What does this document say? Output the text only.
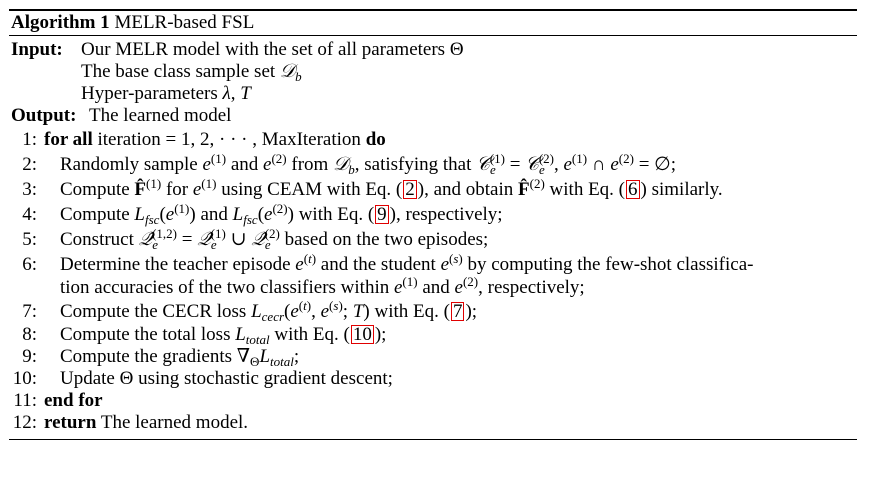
Algorithm 1 MELR-based FSL
Input: Our MELR model with the set of all parameters Θ
The base class sample set 𝒟$_b$
Hyper-parameters λ, T
Output: The learned model
1: for all iteration = 1, 2, · · · , MaxIteration do
2:	Randomly sample $e^{(1)}$ and $e^{(2)}$ from 𝒟$_b$, satisfying that 𝒞$_e^{(1)}$ = 𝒞$_e^{(2)}$, $e^{(1)}$ ∩ $e^{(2)}$ = ∅;
3:	Compute F̂$^{(1)}$ for $e^{(1)}$ using CEAM with Eq. ( 2 ), and obtain F̂$^{(2)}$ with Eq. ( 6 ) similarly.
4:	Compute $L_{fsc}(e^{(1)})$ and $L_{fsc}(e^{(2)})$ with Eq. ( 9 ), respectively;
5:	Construct $𝒬̂_e^{(1,2)}$ = $𝒬̂_e^{(1)}$ ∪ $𝒬̂_e^{(2)}$ based on the two episodes;
6:	Determine the teacher episode $e^{(t)}$ and the student $e^{(s)}$ by computing the few-shot classifica-
tion accuracies of the two classifiers within $e^{(1)}$ and $e^{(2)}$, respectively;
7:	Compute the CECR loss $L_{cecr}(e^{(t)}$, $e^{(s)}$; T) with Eq. ( 7 );
8:	Compute the total loss $L_{total}$ with Eq. ( 10 );
9:	Compute the gradients $\nabla_\Theta L_{total}$;
10:	Update Θ using stochastic gradient descent;
11: end for
12: return The learned model.
